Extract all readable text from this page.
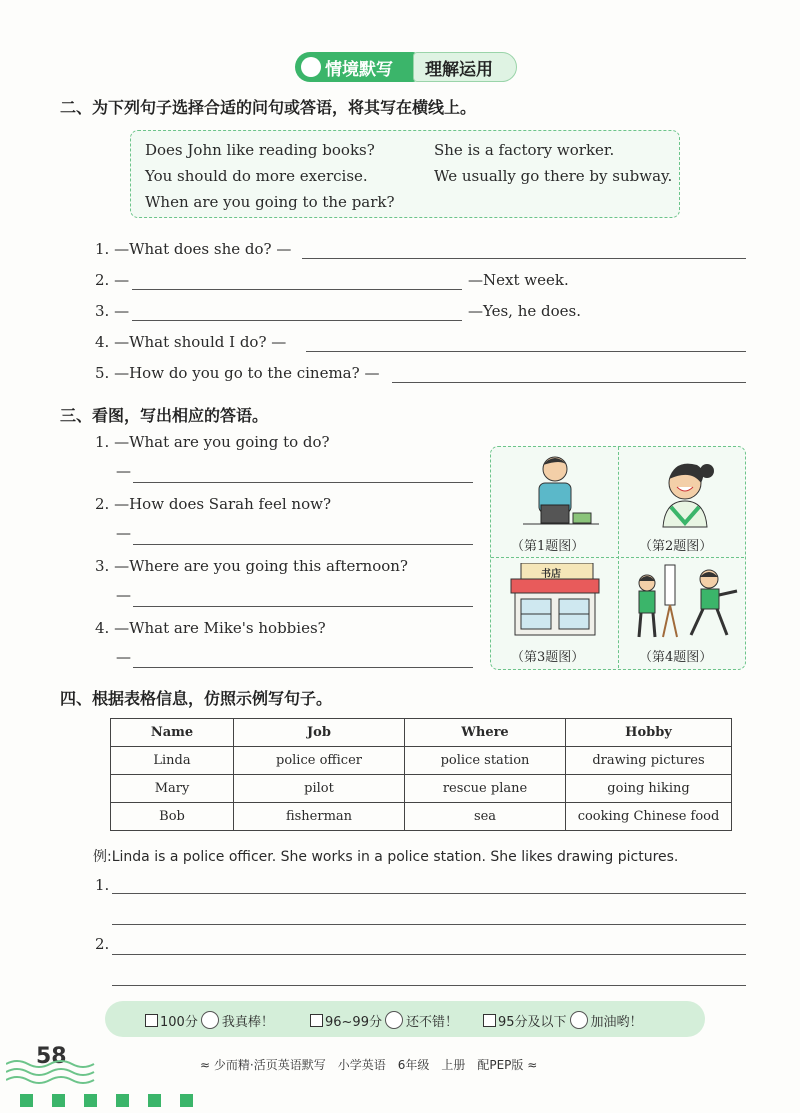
情境默写 理解运用
二、为下列句子选择合适的问句或答语，将其写在横线上。
Does John like reading books?	She is a factory worker.
You should do more exercise.	We usually go there by subway.
When are you going to the park?
1. —What does she do? —
2. —	—Next week.
3. —	—Yes, he does.
4. —What should I do? —
5. —How do you go to the cinema? —
三、看图，写出相应的答语。
1. —What are you going to do?
—
2. —How does Sarah feel now?
—
3. —Where are you going this afternoon?
—
4. —What are Mike's hobbies?
—
（第1题图）	（第2题图）
书店
（第3题图）	（第4题图）
四、根据表格信息，仿照示例写句子。
Name	Job	Where	Hobby
Linda	police officer	police station	drawing pictures
Mary	pilot	rescue plane	going hiking
Bob	fisherman	sea	cooking Chinese food
例:Linda is a police officer. She works in a police station. She likes drawing pictures.
1.
2.
100分 我真棒！	96~99分 还不错！	95分及以下 加油哟！
58	≈ 少而精·活页英语默写　小学英语　6年级　上册　配PEP版 ≈
